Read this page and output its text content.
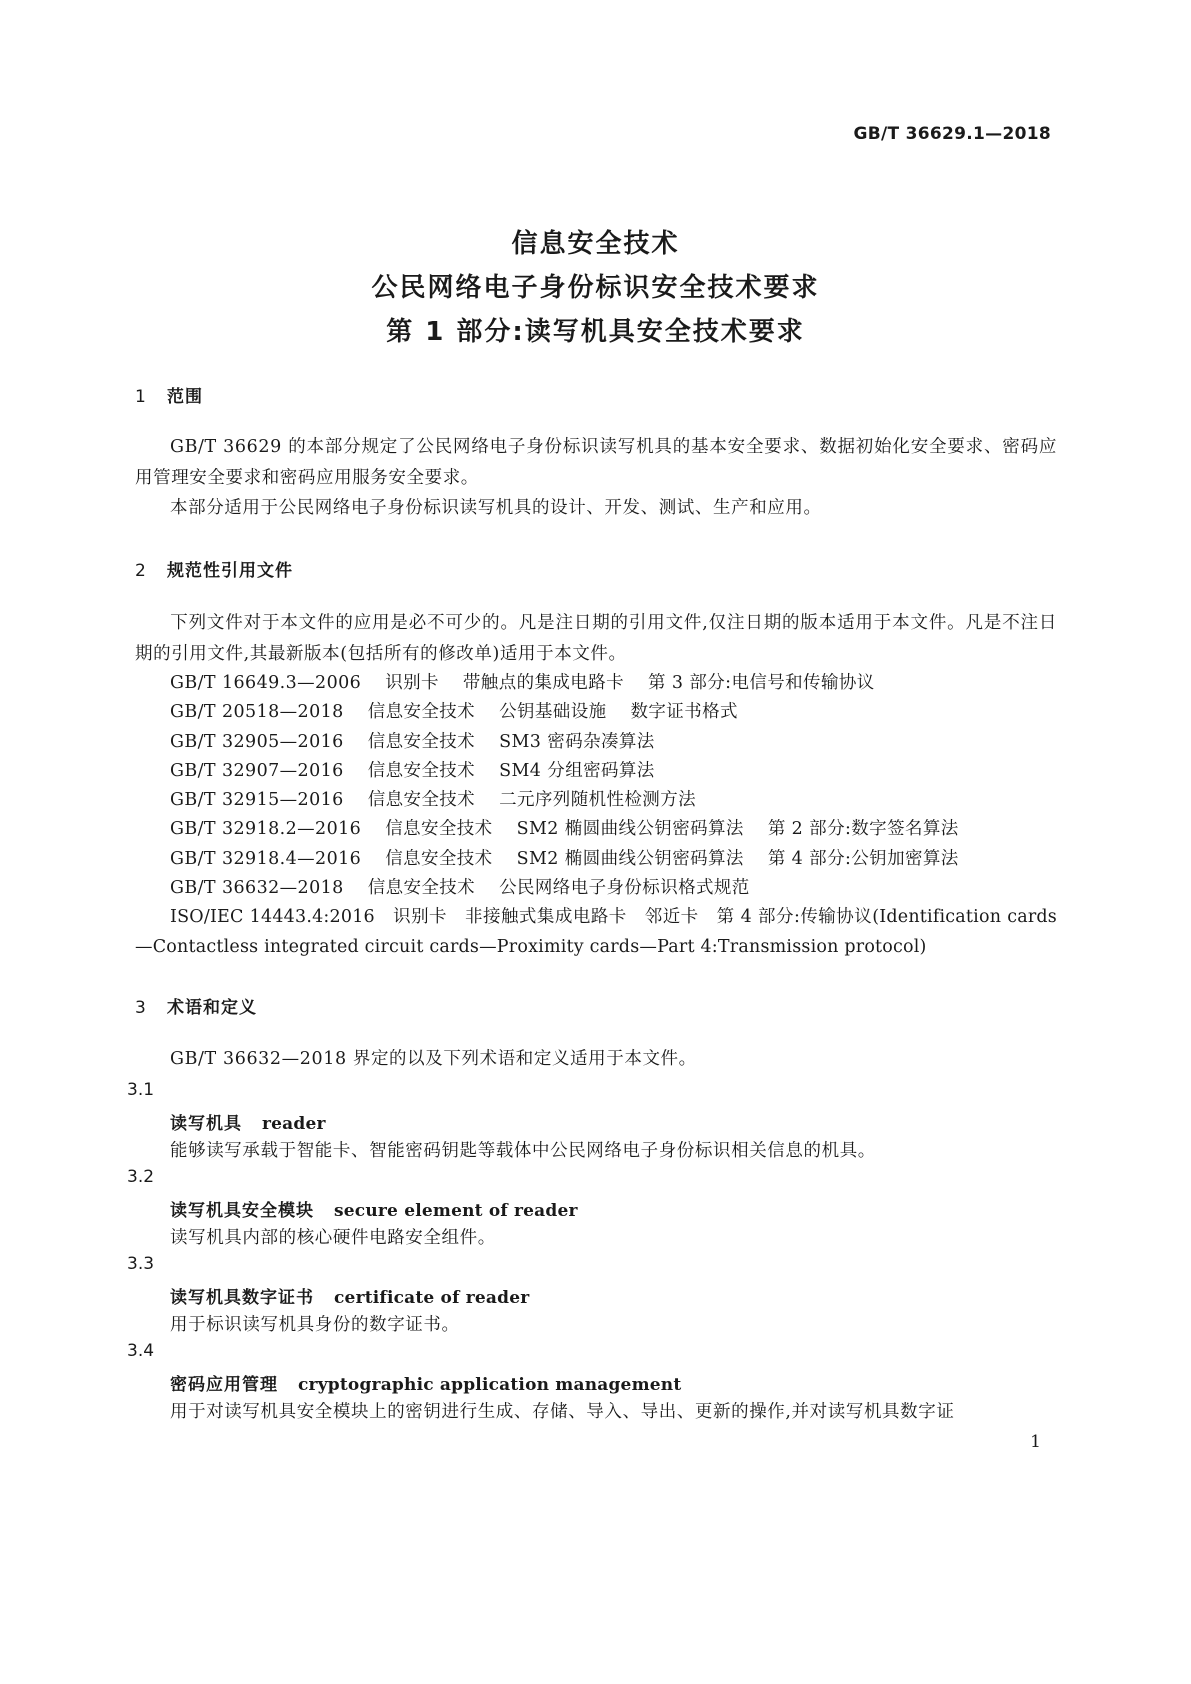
GB/T 36629.1—2018
信息安全技术
公民网络电子身份标识安全技术要求
第 1 部分:读写机具安全技术要求
1 范围
GB/T 36629 的本部分规定了公民网络电子身份标识读写机具的基本安全要求、数据初始化安全要求、密码应用管理安全要求和密码应用服务安全要求。
本部分适用于公民网络电子身份标识读写机具的设计、开发、测试、生产和应用。
2 规范性引用文件
下列文件对于本文件的应用是必不可少的。凡是注日期的引用文件,仅注日期的版本适用于本文件。凡是不注日期的引用文件,其最新版本(包括所有的修改单)适用于本文件。
GB/T 16649.3—2006 识别卡 带触点的集成电路卡 第 3 部分:电信号和传输协议
GB/T 20518—2018 信息安全技术 公钥基础设施 数字证书格式
GB/T 32905—2016 信息安全技术 SM3 密码杂凑算法
GB/T 32907—2016 信息安全技术 SM4 分组密码算法
GB/T 32915—2016 信息安全技术 二元序列随机性检测方法
GB/T 32918.2—2016 信息安全技术 SM2 椭圆曲线公钥密码算法 第 2 部分:数字签名算法
GB/T 32918.4—2016 信息安全技术 SM2 椭圆曲线公钥密码算法 第 4 部分:公钥加密算法
GB/T 36632—2018 信息安全技术 公民网络电子身份标识格式规范
ISO/IEC 14443.4:2016　识别卡　非接触式集成电路卡　邻近卡　第 4 部分:传输协议(Identification cards—Contactless integrated circuit cards—Proximity cards—Part 4:Transmission protocol)
3 术语和定义
GB/T 36632—2018 界定的以及下列术语和定义适用于本文件。
3.1
读写机具 reader
能够读写承载于智能卡、智能密码钥匙等载体中公民网络电子身份标识相关信息的机具。
3.2
读写机具安全模块 secure element of reader
读写机具内部的核心硬件电路安全组件。
3.3
读写机具数字证书 certificate of reader
用于标识读写机具身份的数字证书。
3.4
密码应用管理 cryptographic application management
用于对读写机具安全模块上的密钥进行生成、存储、导入、导出、更新的操作,并对读写机具数字证
1
